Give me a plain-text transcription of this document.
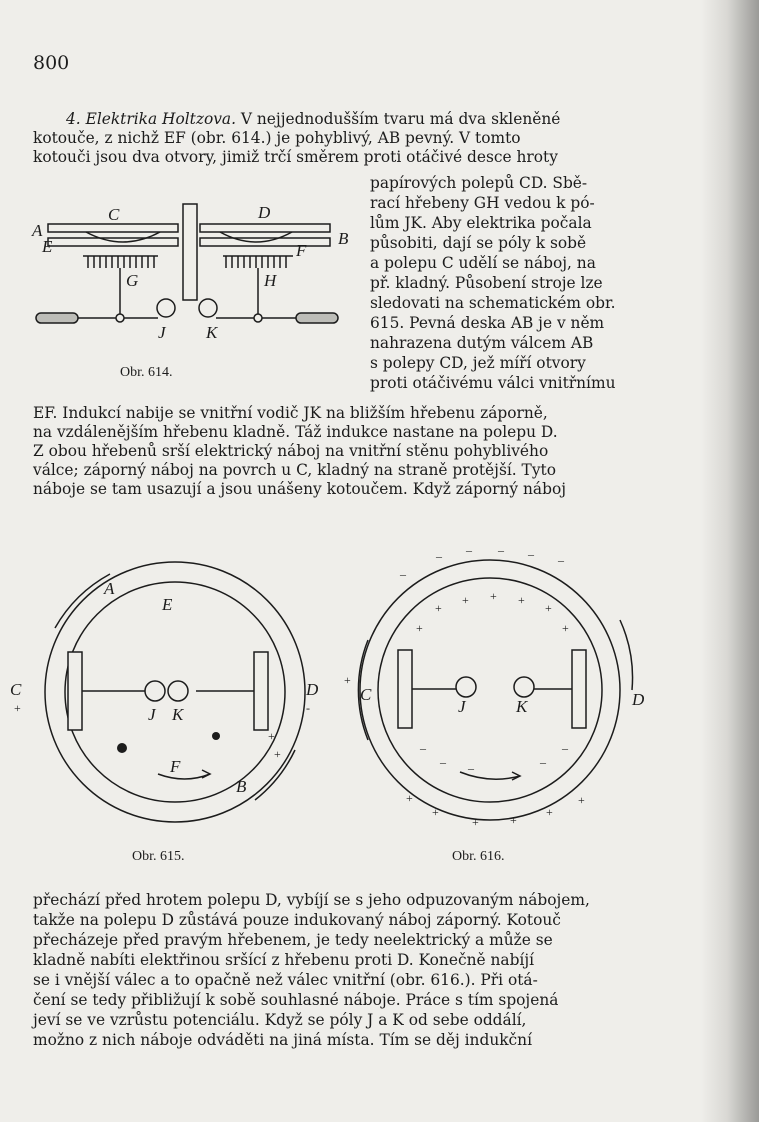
800
4. Elektrika Holtzova. V nejjednodušším tvaru má dva skleněné
kotouče, z nichž EF (obr. 614.) je pohyblivý, AB pevný. V tomto
kotouči jsou dva otvory, jimiž trčí směrem proti otáčivé desce hroty
papírových polepů CD. Sbě-
rací hřebeny GH vedou k pó-
lům JK. Aby elektrika počala
působiti, dají se póly k sobě
a polepu C udělí se náboj, na
př. kladný. Působení stroje lze
sledovati na schematickém obr.
615. Pevná deska AB je v něm
nahrazena dutým válcem AB
s polepy CD, jež míří otvory
proti otáčivému válci vnitřnímu
EF. Indukcí nabije se vnitřní vodič JK na bližším hřebenu záporně,
na vzdálenějším hřebenu kladně. Táž indukce nastane na polepu D.
Z obou hřebenů srší elektrický náboj na vnitřní stěnu pohyblivého
válce; záporný náboj na povrch u C, kladný na straně protější. Tyto
náboje se tam usazují a jsou unášeny kotoučem. Když záporný náboj
A	B
C	D
E	F
G	H
J K
Obr. 614.
A
E
C	D
J K
F
B
+	-
+
+
Obr. 615.
C	D
J	K
+
+ + +
+
+	+
+
–
– –	–
–
– – – – –
–
+
+
+	+
+
+
Obr. 616.
přechází před hrotem polepu D, vybíjí se s jeho odpuzovaným nábojem,
takže na polepu D zůstává pouze indukovaný náboj záporný. Kotouč
přecházeje před pravým hřebenem, je tedy neelektrický a může se
kladně nabíti elektřinou sršící z hřebenu proti D. Konečně nabíjí
se i vnější válec a to opačně než válec vnitřní (obr. 616.). Při otá-
čení se tedy přibližují k sobě souhlasné náboje. Práce s tím spojená
jeví se ve vzrůstu potenciálu. Když se póly J a K od sebe oddálí,
možno z nich náboje odváděti na jiná místa. Tím se děj indukční
